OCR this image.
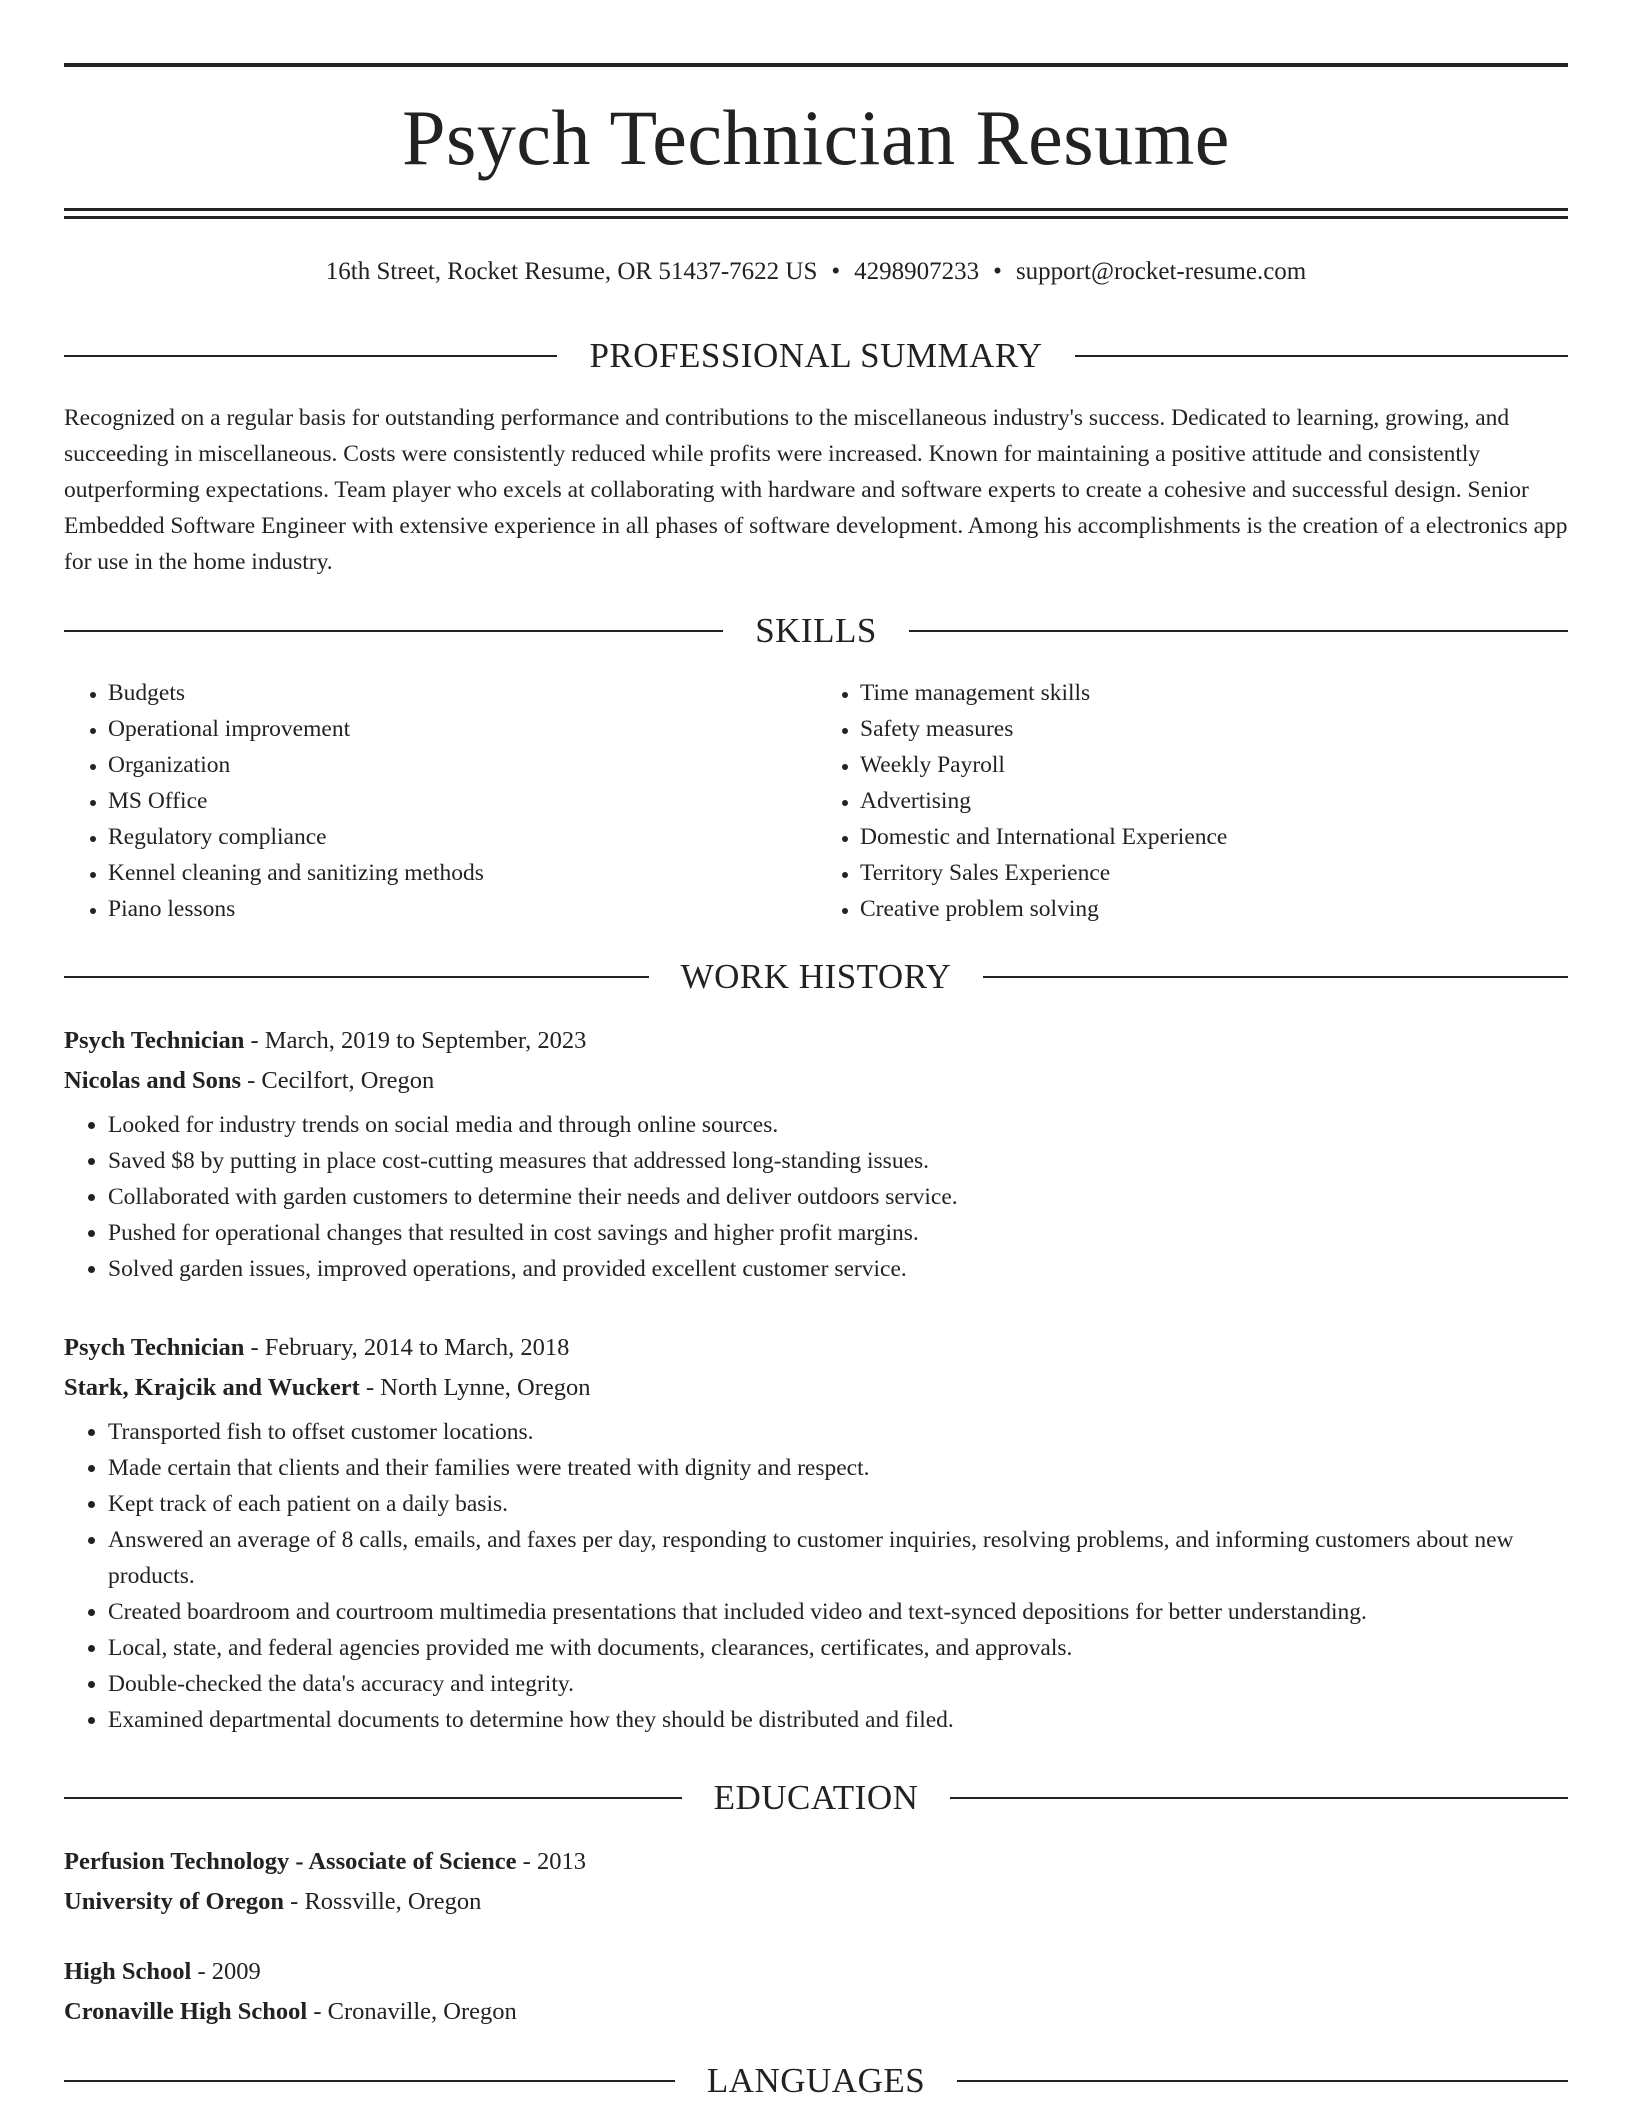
Psych Technician Resume
16th Street, Rocket Resume, OR 51437-7622 US • 4298907233 • support@rocket-resume.com
PROFESSIONAL SUMMARY

Recognized on a regular basis for outstanding performance and contributions to the miscellaneous industry's success. Dedicated to learning, growing, and succeeding in miscellaneous. Costs were consistently reduced while profits were increased. Known for maintaining a positive attitude and consistently outperforming expectations. Team player who excels at collaborating with hardware and software experts to create a cohesive and successful design. Senior Embedded Software Engineer with extensive experience in all phases of software development. Among his accomplishments is the creation of a electronics app for use in the home industry.

SKILLS
• Budgets
• Operational improvement
• Organization
• MS Office
• Regulatory compliance
• Kennel cleaning and sanitizing methods
• Piano lessons
• Time management skills
• Safety measures
• Weekly Payroll
• Advertising
• Domestic and International Experience
• Territory Sales Experience
• Creative problem solving
WORK HISTORY

Psych Technician - March, 2019 to September, 2023

Nicolas and Sons - Cecilfort, Oregon

• Looked for industry trends on social media and through online sources.
• Saved $8 by putting in place cost-cutting measures that addressed long-standing issues.
• Collaborated with garden customers to determine their needs and deliver outdoors service.
• Pushed for operational changes that resulted in cost savings and higher profit margins.
• Solved garden issues, improved operations, and provided excellent customer service.

Psych Technician - February, 2014 to March, 2018

Stark, Krajcik and Wuckert - North Lynne, Oregon

• Transported fish to offset customer locations.
• Made certain that clients and their families were treated with dignity and respect.
• Kept track of each patient on a daily basis.
• Answered an average of 8 calls, emails, and faxes per day, responding to customer inquiries, resolving problems, and informing customers about new products.
• Created boardroom and courtroom multimedia presentations that included video and text-synced depositions for better understanding.
• Local, state, and federal agencies provided me with documents, clearances, certificates, and approvals.
• Double-checked the data's accuracy and integrity.
• Examined departmental documents to determine how they should be distributed and filed.
EDUCATION

Perfusion Technology - Associate of Science - 2013

University of Oregon - Rossville, Oregon

High School - 2009

Cronaville High School - Cronaville, Oregon

LANGUAGES
